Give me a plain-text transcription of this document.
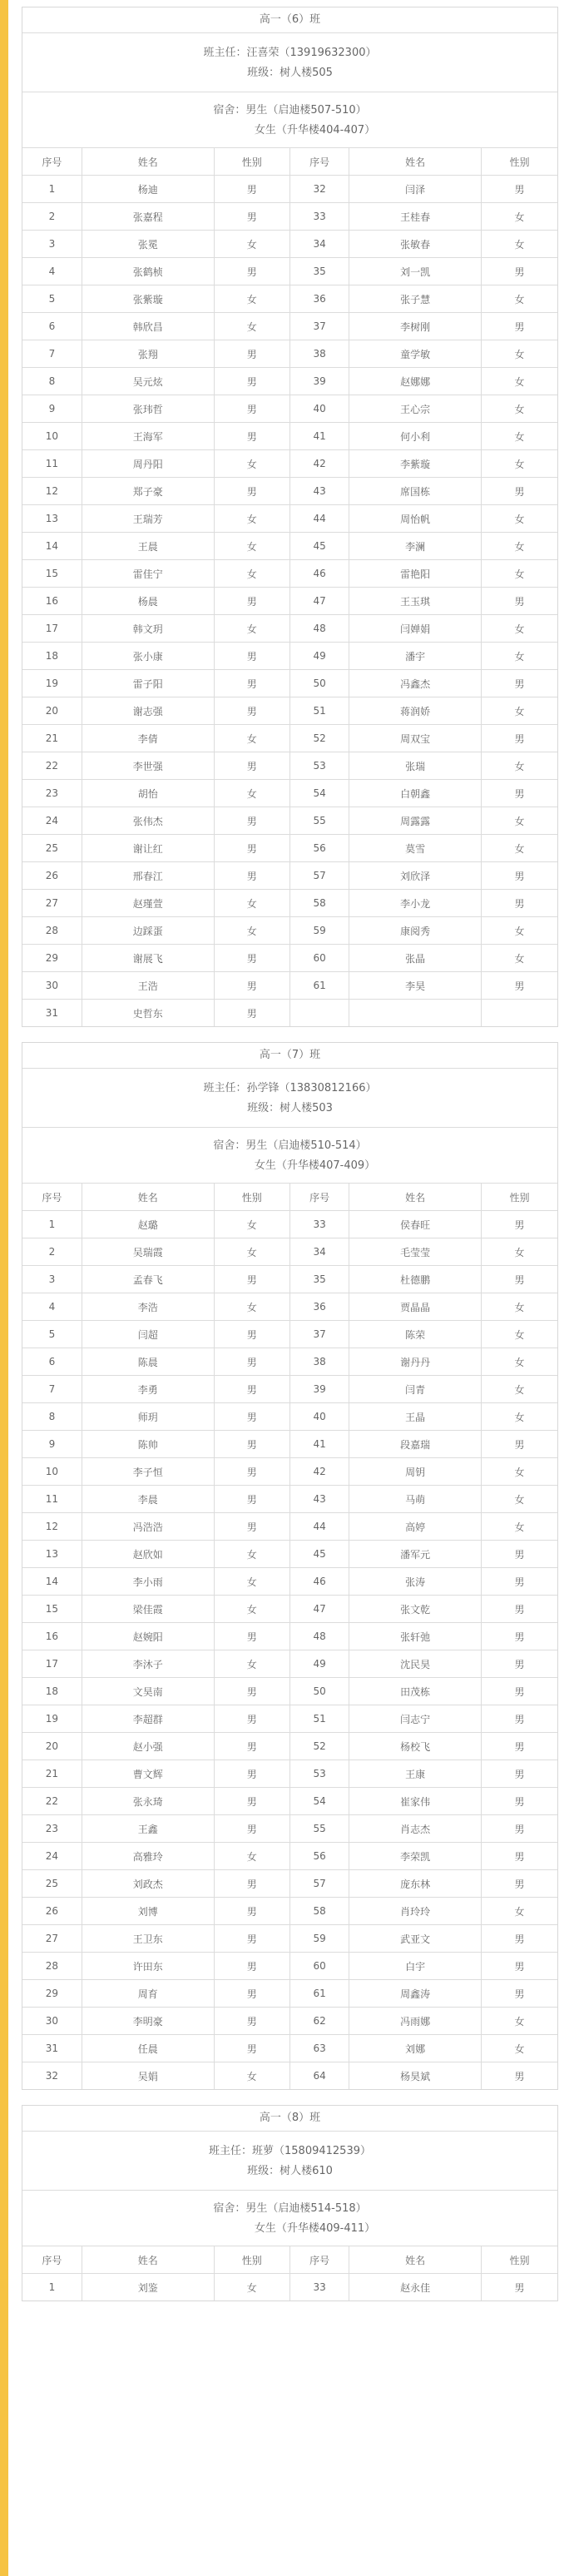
高一（6）班
班主任：汪喜荣（13919632300）
班级：树人楼505
宿舍：男生（启迪楼507-510）
女生（升华楼404-407）
序号	姓名	性别	序号	姓名	性别
1	杨迪	男	32	闫泽	男
2	张嘉程	男	33	王桂春	女
3	张冕	女	34	张敏春	女
4	张鹤桢	男	35	刘一凯	男
5	张紫璇	女	36	张子慧	女
6	韩欣昌	女	37	李树刚	男
7	张翔	男	38	童学敏	女
8	吴元炫	男	39	赵娜娜	女
9	张玮哲	男	40	王心宗	女
10	王海军	男	41	何小利	女
11	周丹阳	女	42	李紫璇	女
12	郑子豪	男	43	席国栋	男
13	王瑞芳	女	44	周怡帆	女
14	王晨	女	45	李澜	女
15	雷佳宁	女	46	雷艳阳	女
16	杨晨	男	47	王玉琪	男
17	韩文玥	女	48	闫婵娟	女
18	张小康	男	49	潘宇	女
19	雷子阳	男	50	冯鑫杰	男
20	谢志强	男	51	蒋润娇	女
21	李倩	女	52	周双宝	男
22	李世强	男	53	张瑞	女
23	胡怡	女	54	白朝鑫	男
24	张伟杰	男	55	周露露	女
25	谢让红	男	56	莫雪	女
26	邢春江	男	57	刘欣泽	男
27	赵瑾萱	女	58	李小龙	男
28	边踩蛋	女	59	康阅秀	女
29	谢展飞	男	60	张晶	女
30	王浩	男	61	李昊	男
31	史哲东	男			
高一（7）班
班主任：孙学锋（13830812166）
班级：树人楼503
宿舍：男生（启迪楼510-514）
女生（升华楼407-409）
序号	姓名	性别	序号	姓名	性别
1	赵璐	女	33	侯春旺	男
2	吴瑞霞	女	34	毛莹莹	女
3	孟春飞	男	35	杜德鹏	男
4	李浩	女	36	贾晶晶	女
5	闫超	男	37	陈荣	女
6	陈晨	男	38	谢丹丹	女
7	李勇	男	39	闫青	女
8	师玥	男	40	王晶	女
9	陈帅	男	41	段嘉瑞	男
10	李子恒	男	42	周钥	女
11	李晨	男	43	马萌	女
12	冯浩浩	男	44	高婷	女
13	赵欣如	女	45	潘军元	男
14	李小雨	女	46	张涛	男
15	梁佳霞	女	47	张文乾	男
16	赵婉阳	男	48	张轩弛	男
17	李沐子	女	49	沈民昊	男
18	文昊南	男	50	田茂栋	男
19	李超群	男	51	闫志宁	男
20	赵小强	男	52	杨校飞	男
21	曹文辉	男	53	王康	男
22	张永琦	男	54	崔家伟	男
23	王鑫	男	55	肖志杰	男
24	高雅玲	女	56	李荣凯	男
25	刘政杰	男	57	庞东林	男
26	刘博	男	58	肖玲玲	女
27	王卫东	男	59	武亚文	男
28	许田东	男	60	白宇	男
29	周育	男	61	周鑫涛	男
30	李明豪	男	62	冯雨娜	女
31	任晨	男	63	刘娜	女
32	吴娟	女	64	杨昊斌	男
高一（8）班
班主任：班萝（15809412539）
班级：树人楼610
宿舍：男生（启迪楼514-518）
女生（升华楼409-411）
序号	姓名	性别	序号	姓名	性别
1	刘鉴	女	33	赵永佳	男
